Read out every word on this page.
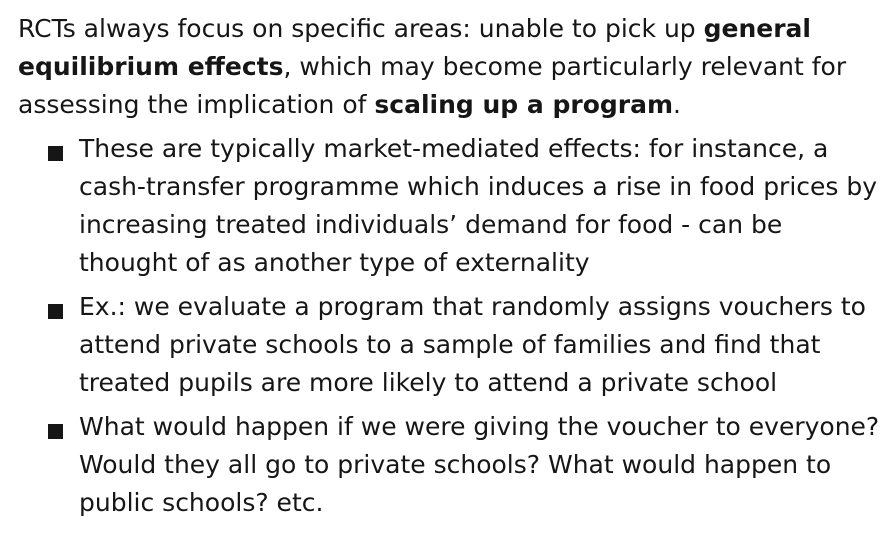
RCTs always focus on specific areas: unable to pick up general equilibrium effects, which may become particularly relevant for assessing the implication of scaling up a program.

These are typically market-mediated effects: for instance, a cash-transfer programme which induces a rise in food prices by increasing treated individuals’ demand for food - can be thought of as another type of externality
Ex.: we evaluate a program that randomly assigns vouchers to attend private schools to a sample of families and find that treated pupils are more likely to attend a private school
What would happen if we were giving the voucher to everyone? Would they all go to private schools? What would happen to public schools? etc.
